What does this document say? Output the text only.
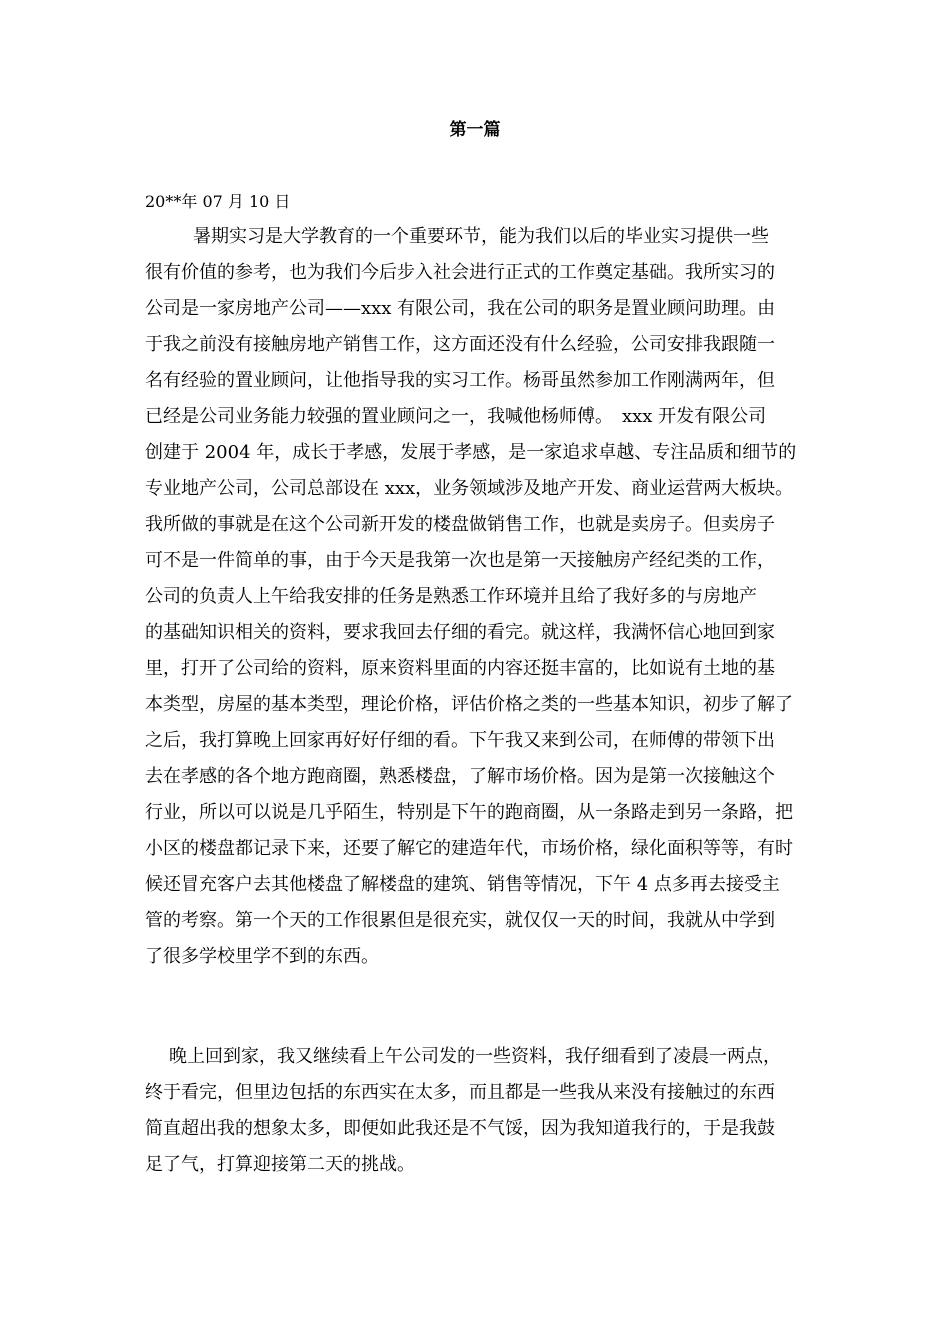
第一篇
20**年 07 月 10 日
暑期实习是大学教育的一个重要环节，能为我们以后的毕业实习提供一些
很有价值的参考，也为我们今后步入社会进行正式的工作奠定基础。我所实习的
公司是一家房地产公司——xxx 有限公司，我在公司的职务是置业顾问助理。由
于我之前没有接触房地产销售工作，这方面还没有什么经验，公司安排我跟随一
名有经验的置业顾问，让他指导我的实习工作。杨哥虽然参加工作刚满两年，但
已经是公司业务能力较强的置业顾问之一，我喊他杨师傅。　xxx 开发有限公司
创建于 2004 年，成长于孝感，发展于孝感，是一家追求卓越、专注品质和细节的
专业地产公司，公司总部设在 xxx，业务领域涉及地产开发、商业运营两大板块。
我所做的事就是在这个公司新开发的楼盘做销售工作，也就是卖房子。但卖房子
可不是一件简单的事，由于今天是我第一次也是第一天接触房产经纪类的工作，
公司的负责人上午给我安排的任务是熟悉工作环境并且给了我好多的与房地产
的基础知识相关的资料，要求我回去仔细的看完。就这样，我满怀信心地回到家
里，打开了公司给的资料，原来资料里面的内容还挺丰富的，比如说有土地的基
本类型，房屋的基本类型，理论价格，评估价格之类的一些基本知识，初步了解了
之后，我打算晚上回家再好好仔细的看。下午我又来到公司，在师傅的带领下出
去在孝感的各个地方跑商圈，熟悉楼盘，了解市场价格。因为是第一次接触这个
行业，所以可以说是几乎陌生，特别是下午的跑商圈，从一条路走到另一条路，把
小区的楼盘都记录下来，还要了解它的建造年代，市场价格，绿化面积等等，有时
候还冒充客户去其他楼盘了解楼盘的建筑、销售等情况，下午 4 点多再去接受主
管的考察。第一个天的工作很累但是很充实，就仅仅一天的时间，我就从中学到
了很多学校里学不到的东西。
晚上回到家，我又继续看上午公司发的一些资料，我仔细看到了凌晨一两点，
终于看完，但里边包括的东西实在太多，而且都是一些我从来没有接触过的东西
简直超出我的想象太多，即便如此我还是不气馁，因为我知道我行的，于是我鼓
足了气，打算迎接第二天的挑战。
